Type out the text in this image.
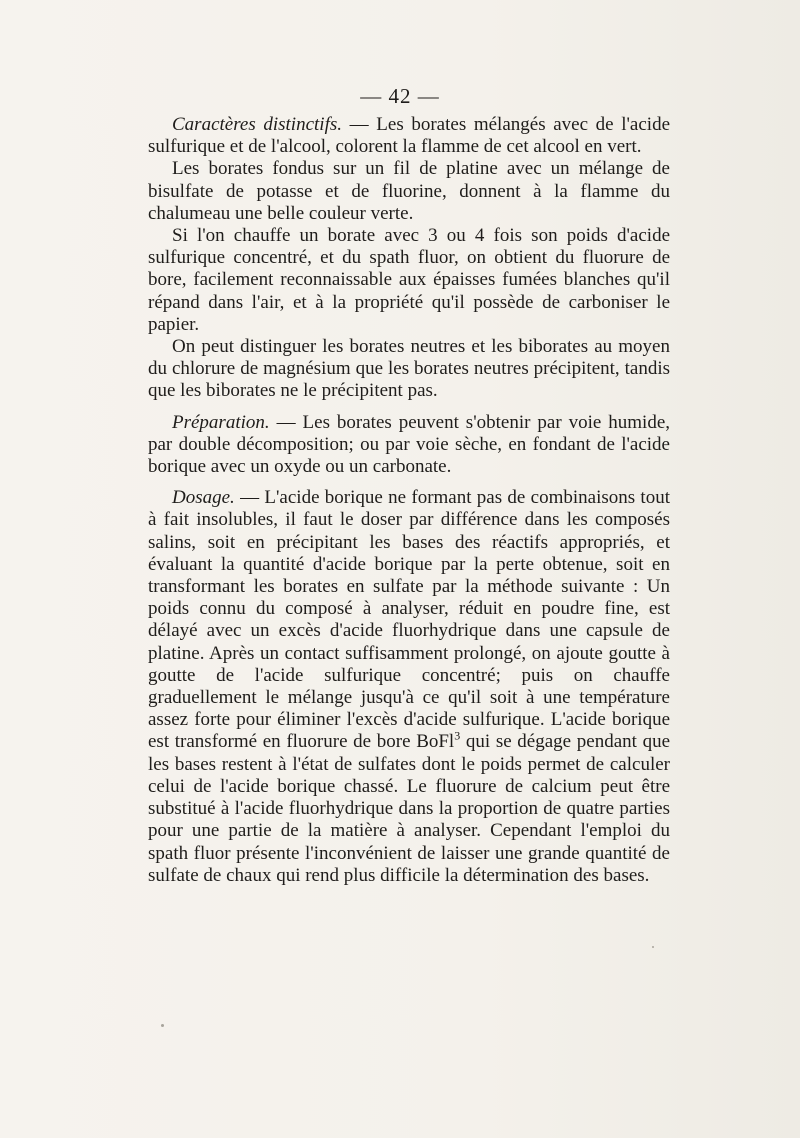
— 42 —

Caractères distinctifs. — Les borates mélangés avec de l'acide sulfurique et de l'alcool, colorent la flamme de cet alcool en vert.

Les borates fondus sur un fil de platine avec un mélange de bisulfate de potasse et de fluorine, donnent à la flamme du chalumeau une belle couleur verte.

Si l'on chauffe un borate avec 3 ou 4 fois son poids d'acide sulfurique concentré, et du spath fluor, on obtient du fluorure de bore, facilement reconnaissable aux épaisses fumées blanches qu'il répand dans l'air, et à la propriété qu'il possède de carboniser le papier.

On peut distinguer les borates neutres et les biborates au moyen du chlorure de magnésium que les borates neutres précipitent, tandis que les biborates ne le précipitent pas.

Préparation. — Les borates peuvent s'obtenir par voie humide, par double décomposition; ou par voie sèche, en fondant de l'acide borique avec un oxyde ou un carbonate.

Dosage. — L'acide borique ne formant pas de combinaisons tout à fait insolubles, il faut le doser par différence dans les composés salins, soit en précipitant les bases des réactifs appropriés, et évaluant la quantité d'acide borique par la perte obtenue, soit en transformant les borates en sulfate par la méthode suivante : Un poids connu du composé à analyser, réduit en poudre fine, est délayé avec un excès d'acide fluorhydrique dans une capsule de platine. Après un contact suffisamment prolongé, on ajoute goutte à goutte de l'acide sulfurique concentré; puis on chauffe graduellement le mélange jusqu'à ce qu'il soit à une température assez forte pour éliminer l'excès d'acide sulfurique. L'acide borique est transformé en fluorure de bore BoFl$^3$ qui se dégage pendant que les bases restent à l'état de sulfates dont le poids permet de calculer celui de l'acide borique chassé. Le fluorure de calcium peut être substitué à l'acide fluorhydrique dans la proportion de quatre parties pour une partie de la matière à analyser. Cependant l'emploi du spath fluor présente l'inconvénient de laisser une grande quantité de sulfate de chaux qui rend plus difficile la détermination des bases.
